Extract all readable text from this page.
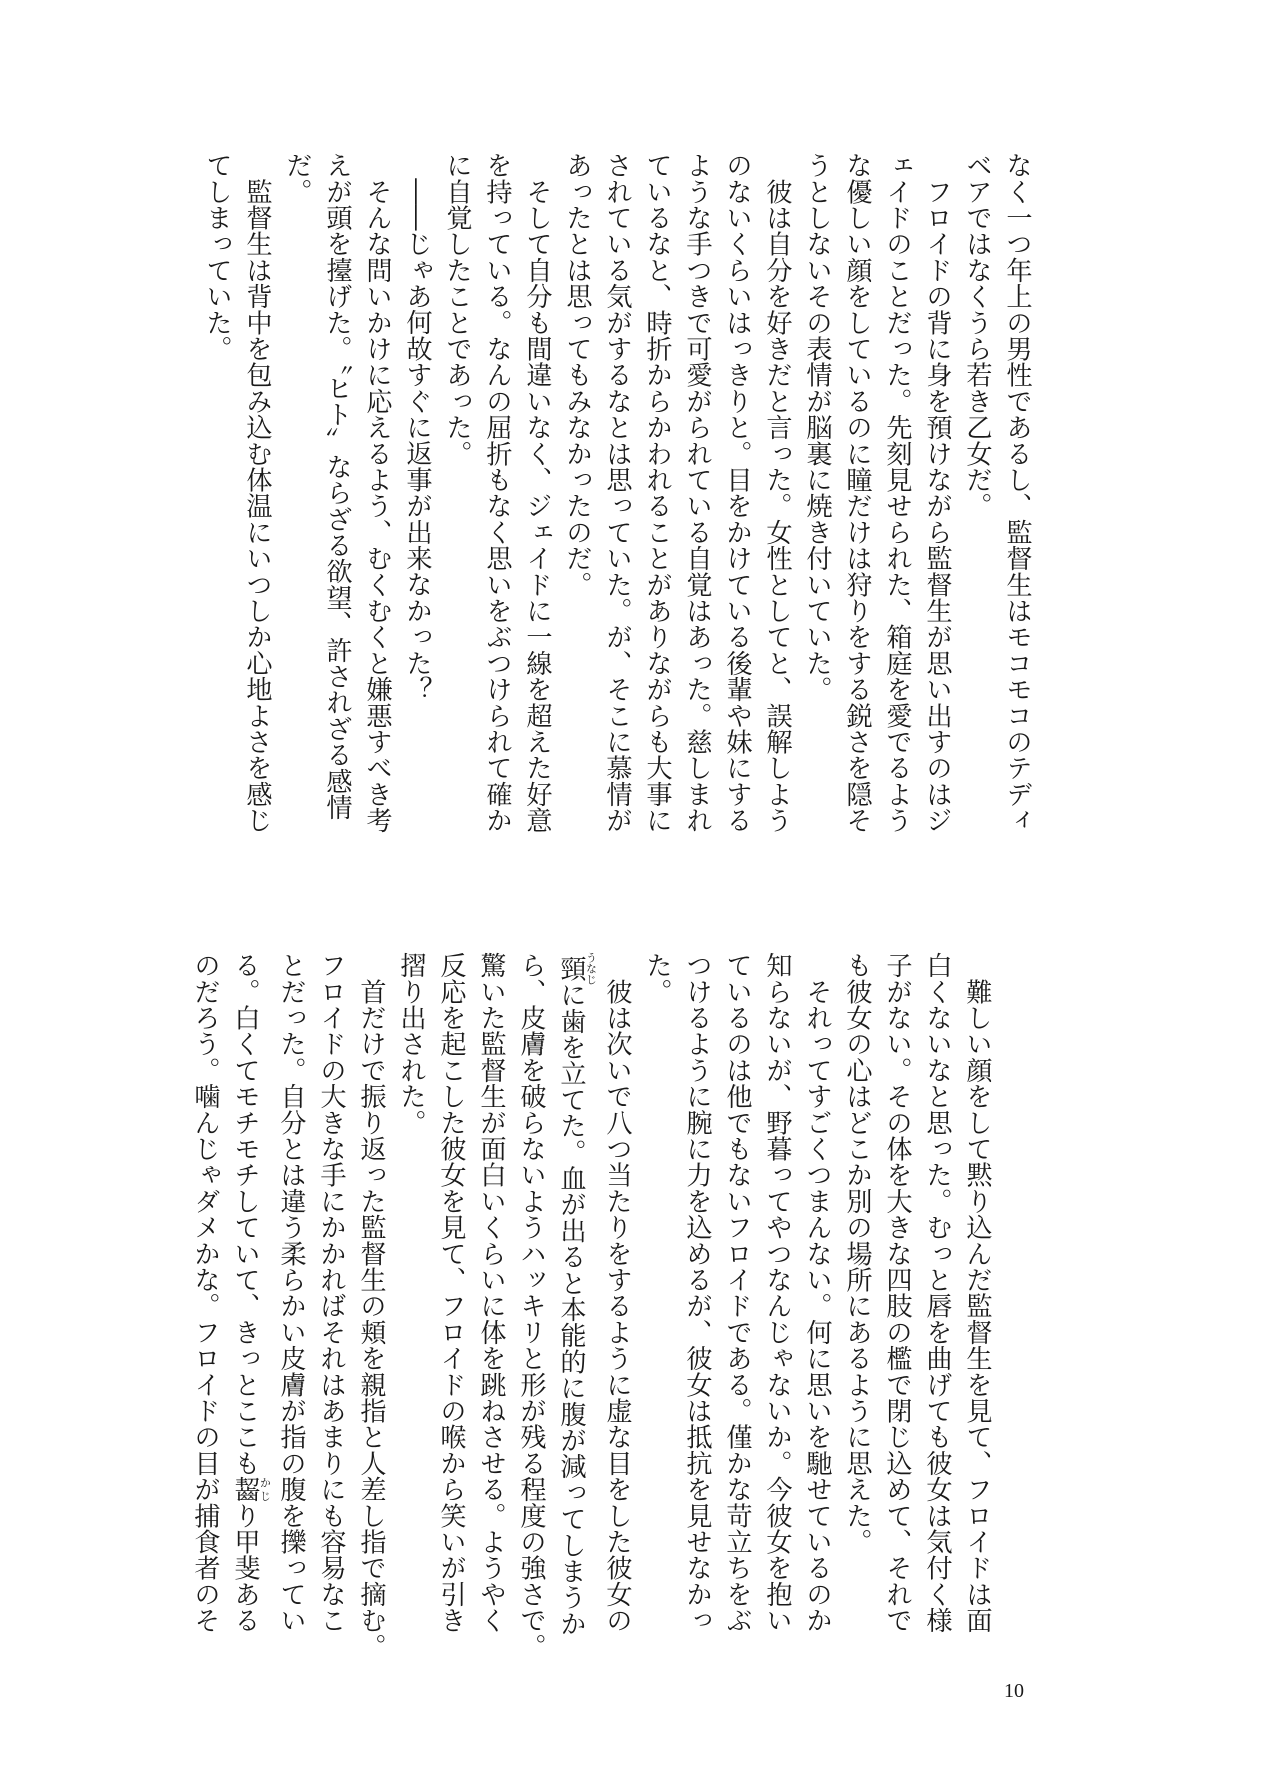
なく一つ年上の男性であるし、監督生はモコモコのテディ
ベアではなくうら若き乙女だ。
　フロイドの背に身を預けながら監督生が思い出すのはジ
ェイドのことだった。先刻見せられた、箱庭を愛でるよう
な優しい顔をしているのに瞳だけは狩りをする鋭さを隠そ
うとしないその表情が脳裏に焼き付いていた。
　彼は自分を好きだと言った。女性としてと、誤解しよう
のないくらいはっきりと。目をかけている後輩や妹にする
ような手つきで可愛がられている自覚はあった。慈しまれ
ているなと、時折からかわれることがありながらも大事に
されている気がするなとは思っていた。が、そこに慕情が
あったとは思ってもみなかったのだ。
　そして自分も間違いなく、ジェイドに一線を超えた好意
を持っている。なんの屈折もなく思いをぶつけられて確か
に自覚したことであった。
　――じゃあ何故すぐに返事が出来なかった？
　そんな問いかけに応えるよう、むくむくと嫌悪すべき考
えが頭を擡げた。〝ヒト〟ならざる欲望、許されざる感情
だ。
　監督生は背中を包み込む体温にいつしか心地よさを感じ
てしまっていた。
　難しい顔をして黙り込んだ監督生を見て、フロイドは面
白くないなと思った。むっと唇を曲げても彼女は気付く様
子がない。その体を大きな四肢の檻で閉じ込めて、それで
も彼女の心はどこか別の場所にあるように思えた。
　それってすごくつまんない。何に思いを馳せているのか
知らないが、野暮ってやつなんじゃないか。今彼女を抱い
ているのは他でもないフロイドである。僅かな苛立ちをぶ
つけるように腕に力を込めるが、彼女は抵抗を見せなかっ
た。
　彼は次いで八つ当たりをするように虚な目をした彼女の
頸うなじに歯を立てた。血が出ると本能的に腹が減ってしまうか
ら、皮膚を破らないようハッキリと形が残る程度の強さで。
驚いた監督生が面白いくらいに体を跳ねさせる。ようやく
反応を起こした彼女を見て、フロイドの喉から笑いが引き
摺り出された。
　首だけで振り返った監督生の頬を親指と人差し指で摘む。
フロイドの大きな手にかかればそれはあまりにも容易なこ
とだった。自分とは違う柔らかい皮膚が指の腹を擽ってい
る。白くてモチモチしていて、きっとここも齧かじり甲斐ある
のだろう。噛んじゃダメかな。フロイドの目が捕食者のそ
10
